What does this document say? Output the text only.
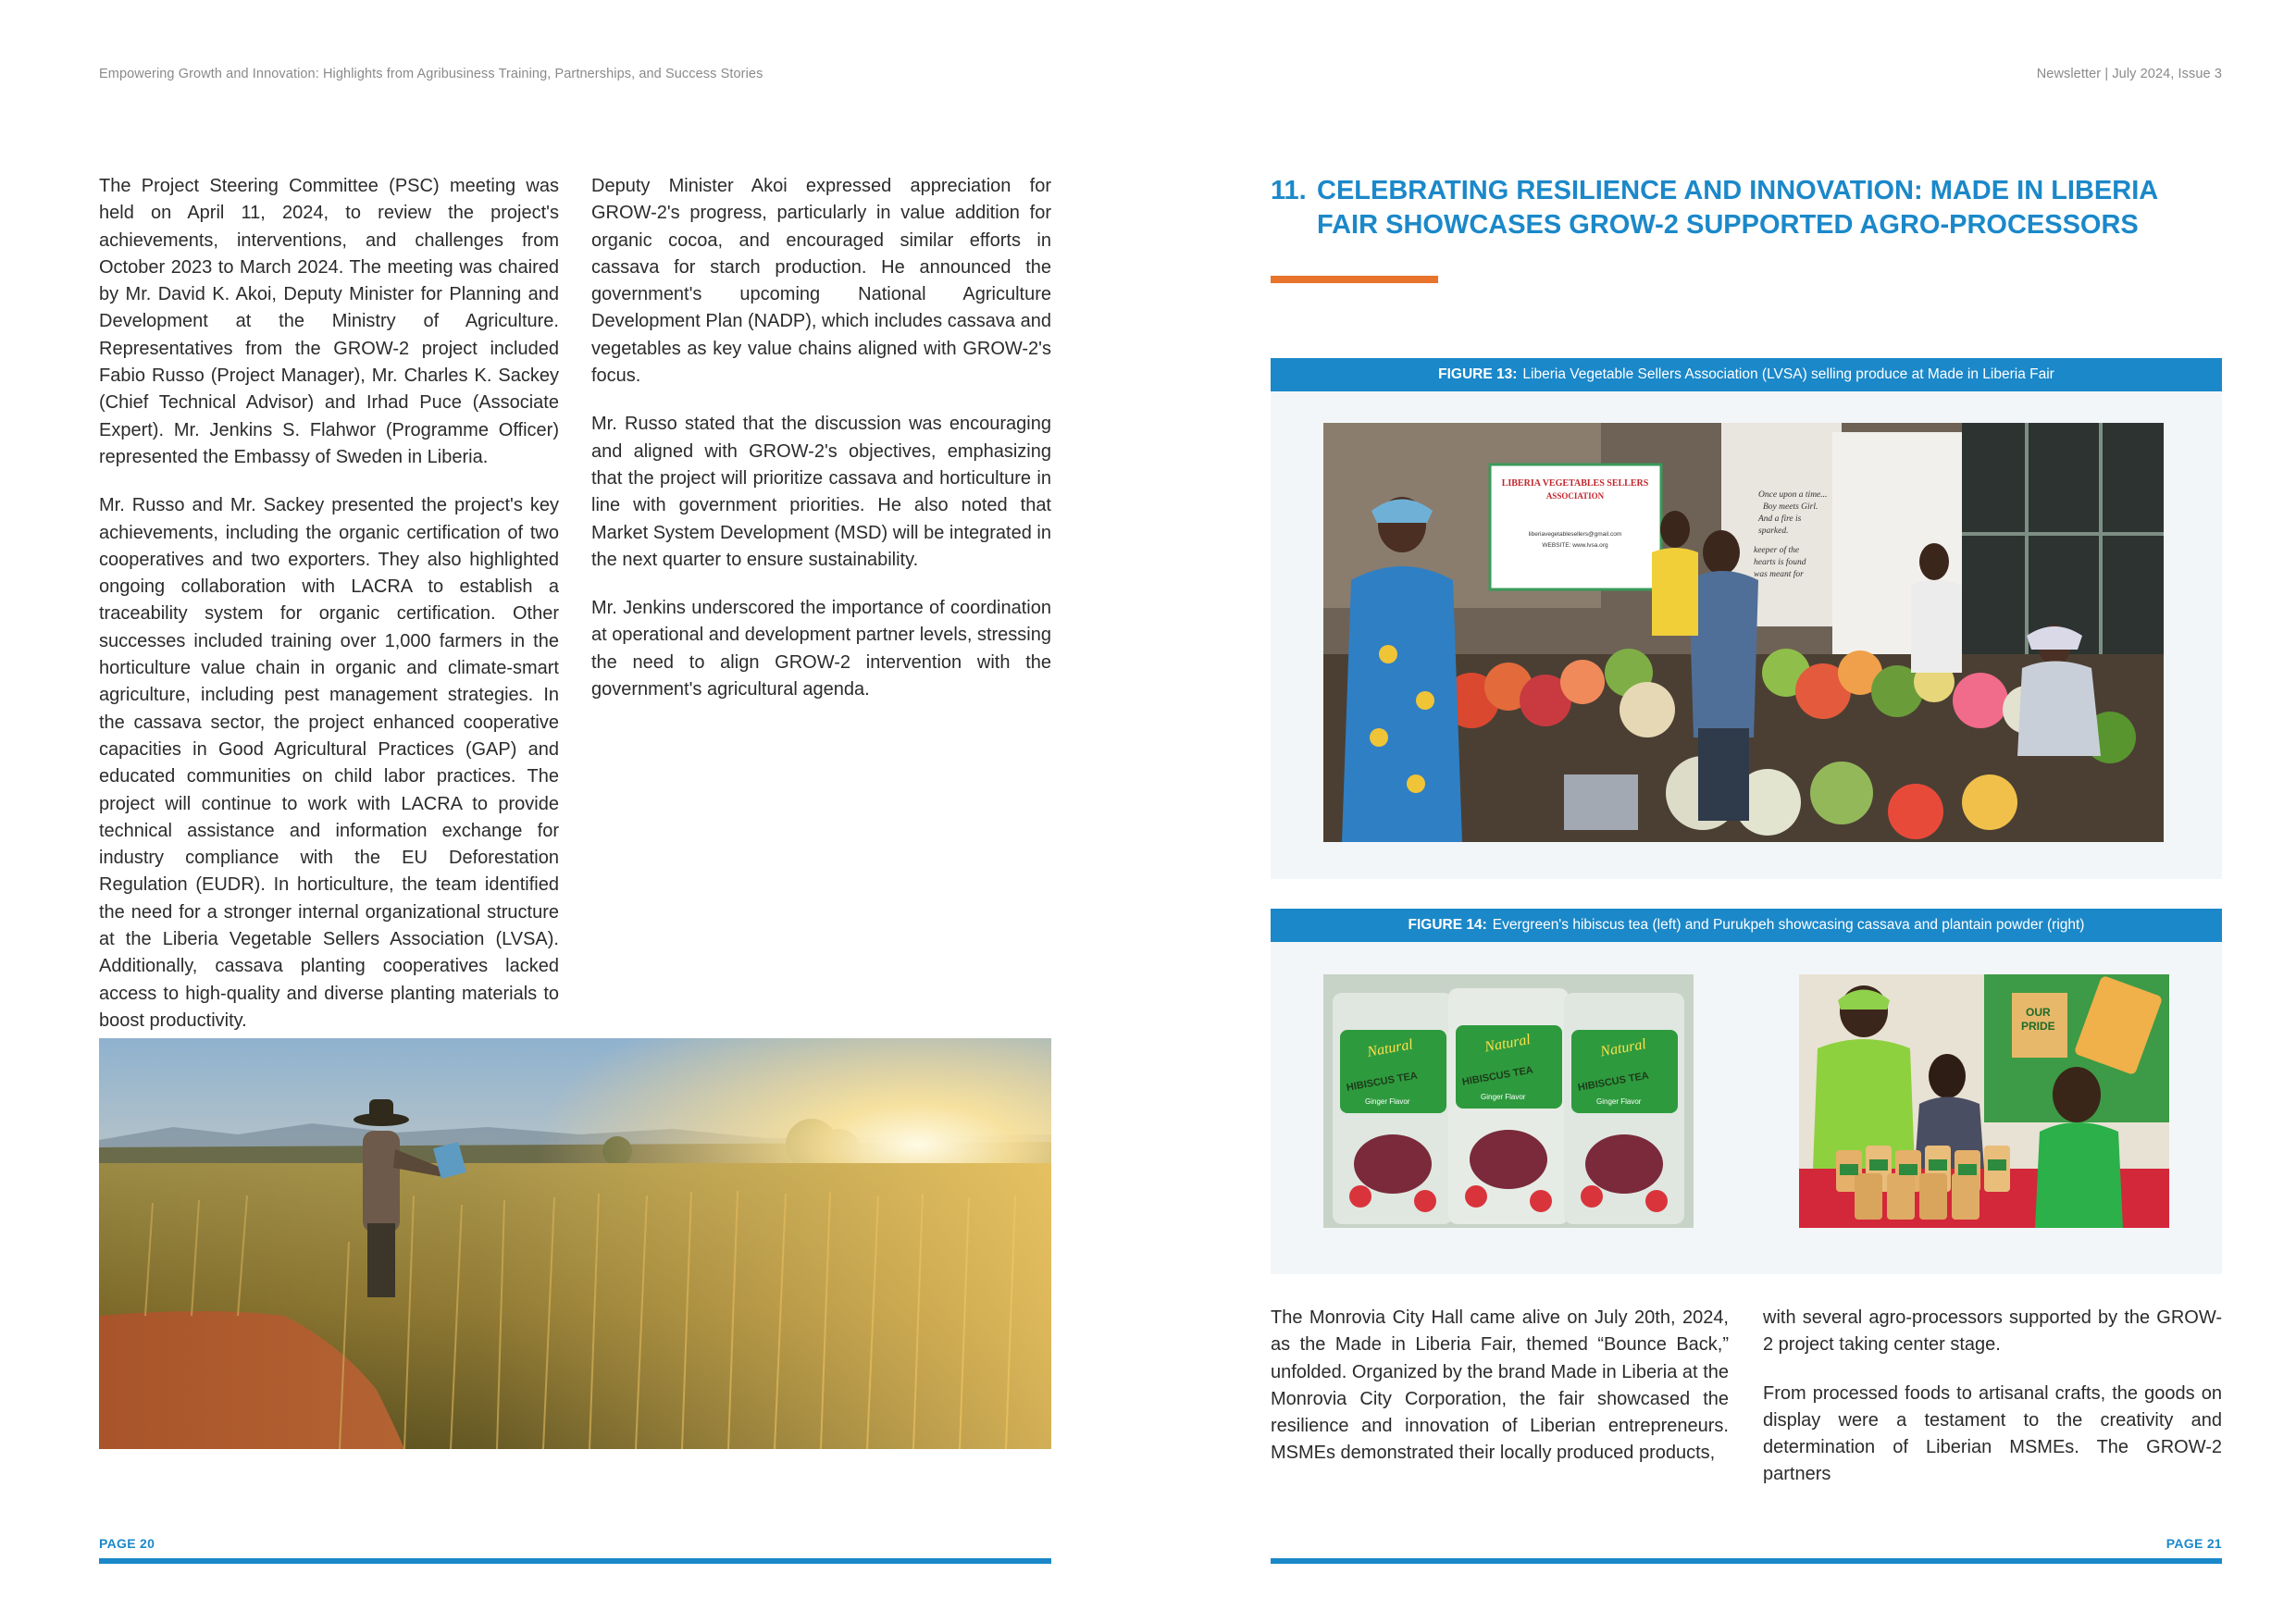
Empowering Growth and Innovation: Highlights from Agribusiness Training, Partnerships, and Success Stories	Newsletter | July 2024, Issue 3

The Project Steering Committee (PSC) meeting was held on April 11, 2024, to review the project's achievements, interventions, and challenges from October 2023 to March 2024. The meeting was chaired by Mr. David K. Akoi, Deputy Minister for Planning and Development at the Ministry of Agriculture. Representatives from the GROW-2 project included Fabio Russo (Project Manager), Mr. Charles K. Sackey (Chief Technical Advisor) and Irhad Puce (Associate Expert). Mr. Jenkins S. Flahwor (Programme Officer) represented the Embassy of Sweden in Liberia.

Mr. Russo and Mr. Sackey presented the project's key achievements, including the organic certification of two cooperatives and two exporters. They also highlighted ongoing collaboration with LACRA to establish a traceability system for organic certification. Other successes included training over 1,000 farmers in the horticulture value chain in organic and climate-smart agriculture, including pest management strategies. In the cassava sector, the project enhanced cooperative capacities in Good Agricultural Practices (GAP) and educated communities on child labor practices. The project will continue to work with LACRA to provide technical assistance and information exchange for industry compliance with the EU Deforestation Regulation (EUDR). In horticulture, the team identified the need for a stronger internal organizational structure at the Liberia Vegetable Sellers Association (LVSA). Additionally, cassava planting cooperatives lacked access to high-quality and diverse planting materials to boost productivity.

Deputy Minister Akoi expressed appreciation for GROW-2's progress, particularly in value addition for organic cocoa, and encouraged similar efforts in cassava for starch production. He announced the government's upcoming National Agriculture Development Plan (NADP), which includes cassava and vegetables as key value chains aligned with GROW-2's focus.

Mr. Russo stated that the discussion was encouraging and aligned with GROW-2's objectives, emphasizing that the project will prioritize cassava and horticulture in line with government priorities. He also noted that Market System Development (MSD) will be integrated in the next quarter to ensure sustainability.

Mr. Jenkins underscored the importance of coordination at operational and development partner levels, stressing the need to align GROW-2 intervention with the government's agricultural agenda.

PAGE 20
11. CELEBRATING RESILIENCE AND INNOVATION: MADE IN LIBERIA FAIR SHOWCASES GROW-2 SUPPORTED AGRO-PROCESSORS
FIGURE 13: Liberia Vegetable Sellers Association (LVSA) selling produce at Made in Liberia Fair
LIBERIA VEGETABLES SELLERS
ASSOCIATION
liberiavegetablesellers@gmail.com
WEBSITE: www.lvsa.org
Once upon a time...
Boy meets Girl.
And a fire is
sparked.
keeper of the
hearts is found
was meant for
FIGURE 14: Evergreen's hibiscus tea (left) and Purukpeh showcasing cassava and plantain powder (right)
Natural	Natural	Natural
HIBISCUS TEA	HIBISCUS TEA	HIBISCUS TEA
Ginger Flavor
Ginger Flavor
Ginger Flavor
OUR
PRIDE

The Monrovia City Hall came alive on July 20th, 2024, as the Made in Liberia Fair, themed “Bounce Back,” unfolded. Organized by the brand Made in Liberia at the Monrovia City Corporation, the fair showcased the resilience and innovation of Liberian entrepreneurs. MSMEs demonstrated their locally produced products,

with several agro-processors supported by the GROW-2 project taking center stage.

From processed foods to artisanal crafts, the goods on display were a testament to the creativity and determination of Liberian MSMEs. The GROW-2 partners

PAGE 21
